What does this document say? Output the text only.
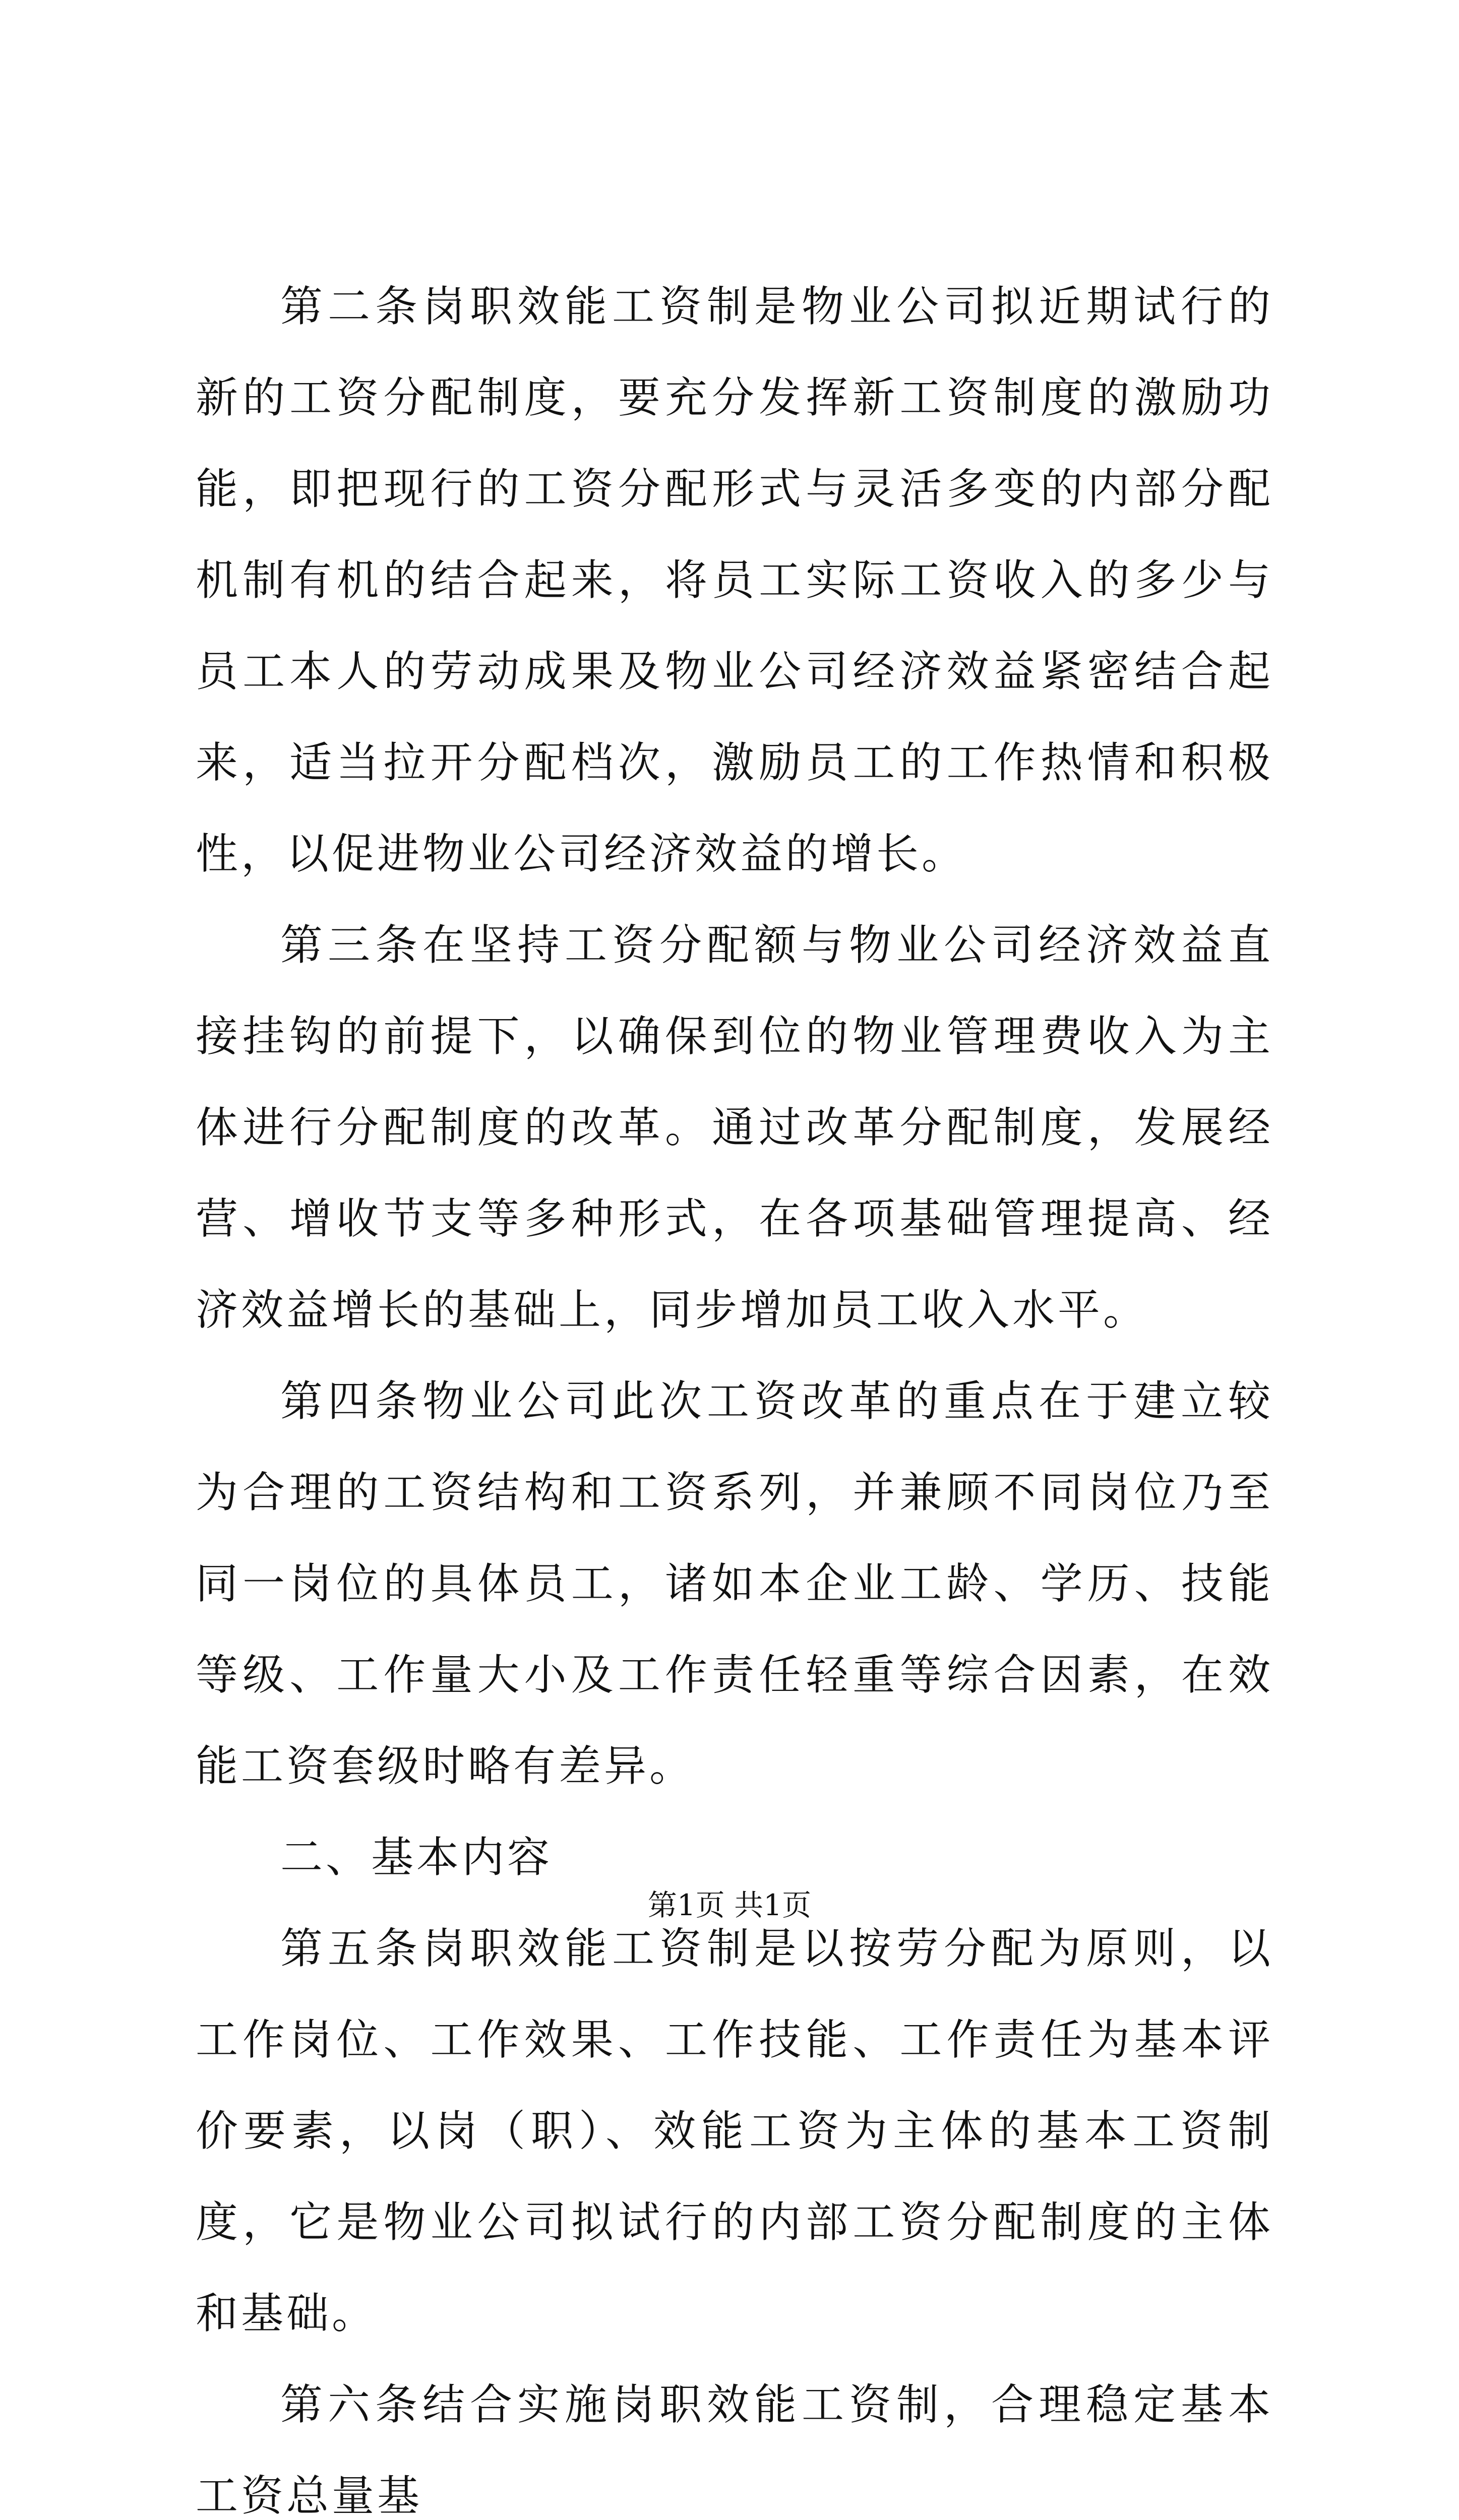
第二条岗职效能工资制是物业公司拟近期试行的新的工资分配制度，要充分发挥新工资制度的激励功能，即把现行的工资分配形式与灵活多变的内部分配机制有机的结合起来，将员工实际工资收入的多少与员工本人的劳动成果及物业公司经济效益紧密结合起来，适当拉开分配档次，激励员工的工作热情和积极性，以促进物业公司经济效益的增长。

第三条在坚持工资分配额与物业公司经济效益直接挂钩的前提下，以确保到位的物业管理费收入为主体进行分配制度的改革。通过改革分配制度，发展经营、增收节支等多种形式，在各项基础管理提高、经济效益增长的基础上，同步增加员工收入水平。

第四条物业公司此次工资改革的重点在于建立较为合理的工资结构和工资系列，并兼顾不同岗位乃至同一岗位的具体员工，诸如本企业工龄、学历、技能等级、工作量大小及工作责任轻重等综合因素，在效能工资套级时略有差异。

二、基本内容

第五条岗职效能工资制是以按劳分配为原则，以工作岗位、工作效果、工作技能、工作责任为基本评价要素，以岗（职）、效能工资为主体的基本工资制度，它是物业公司拟试行的内部工资分配制度的主体和基础。

第六条结合实施岗职效能工资制，合理稳定基本工资总量基

第1页 共1页
